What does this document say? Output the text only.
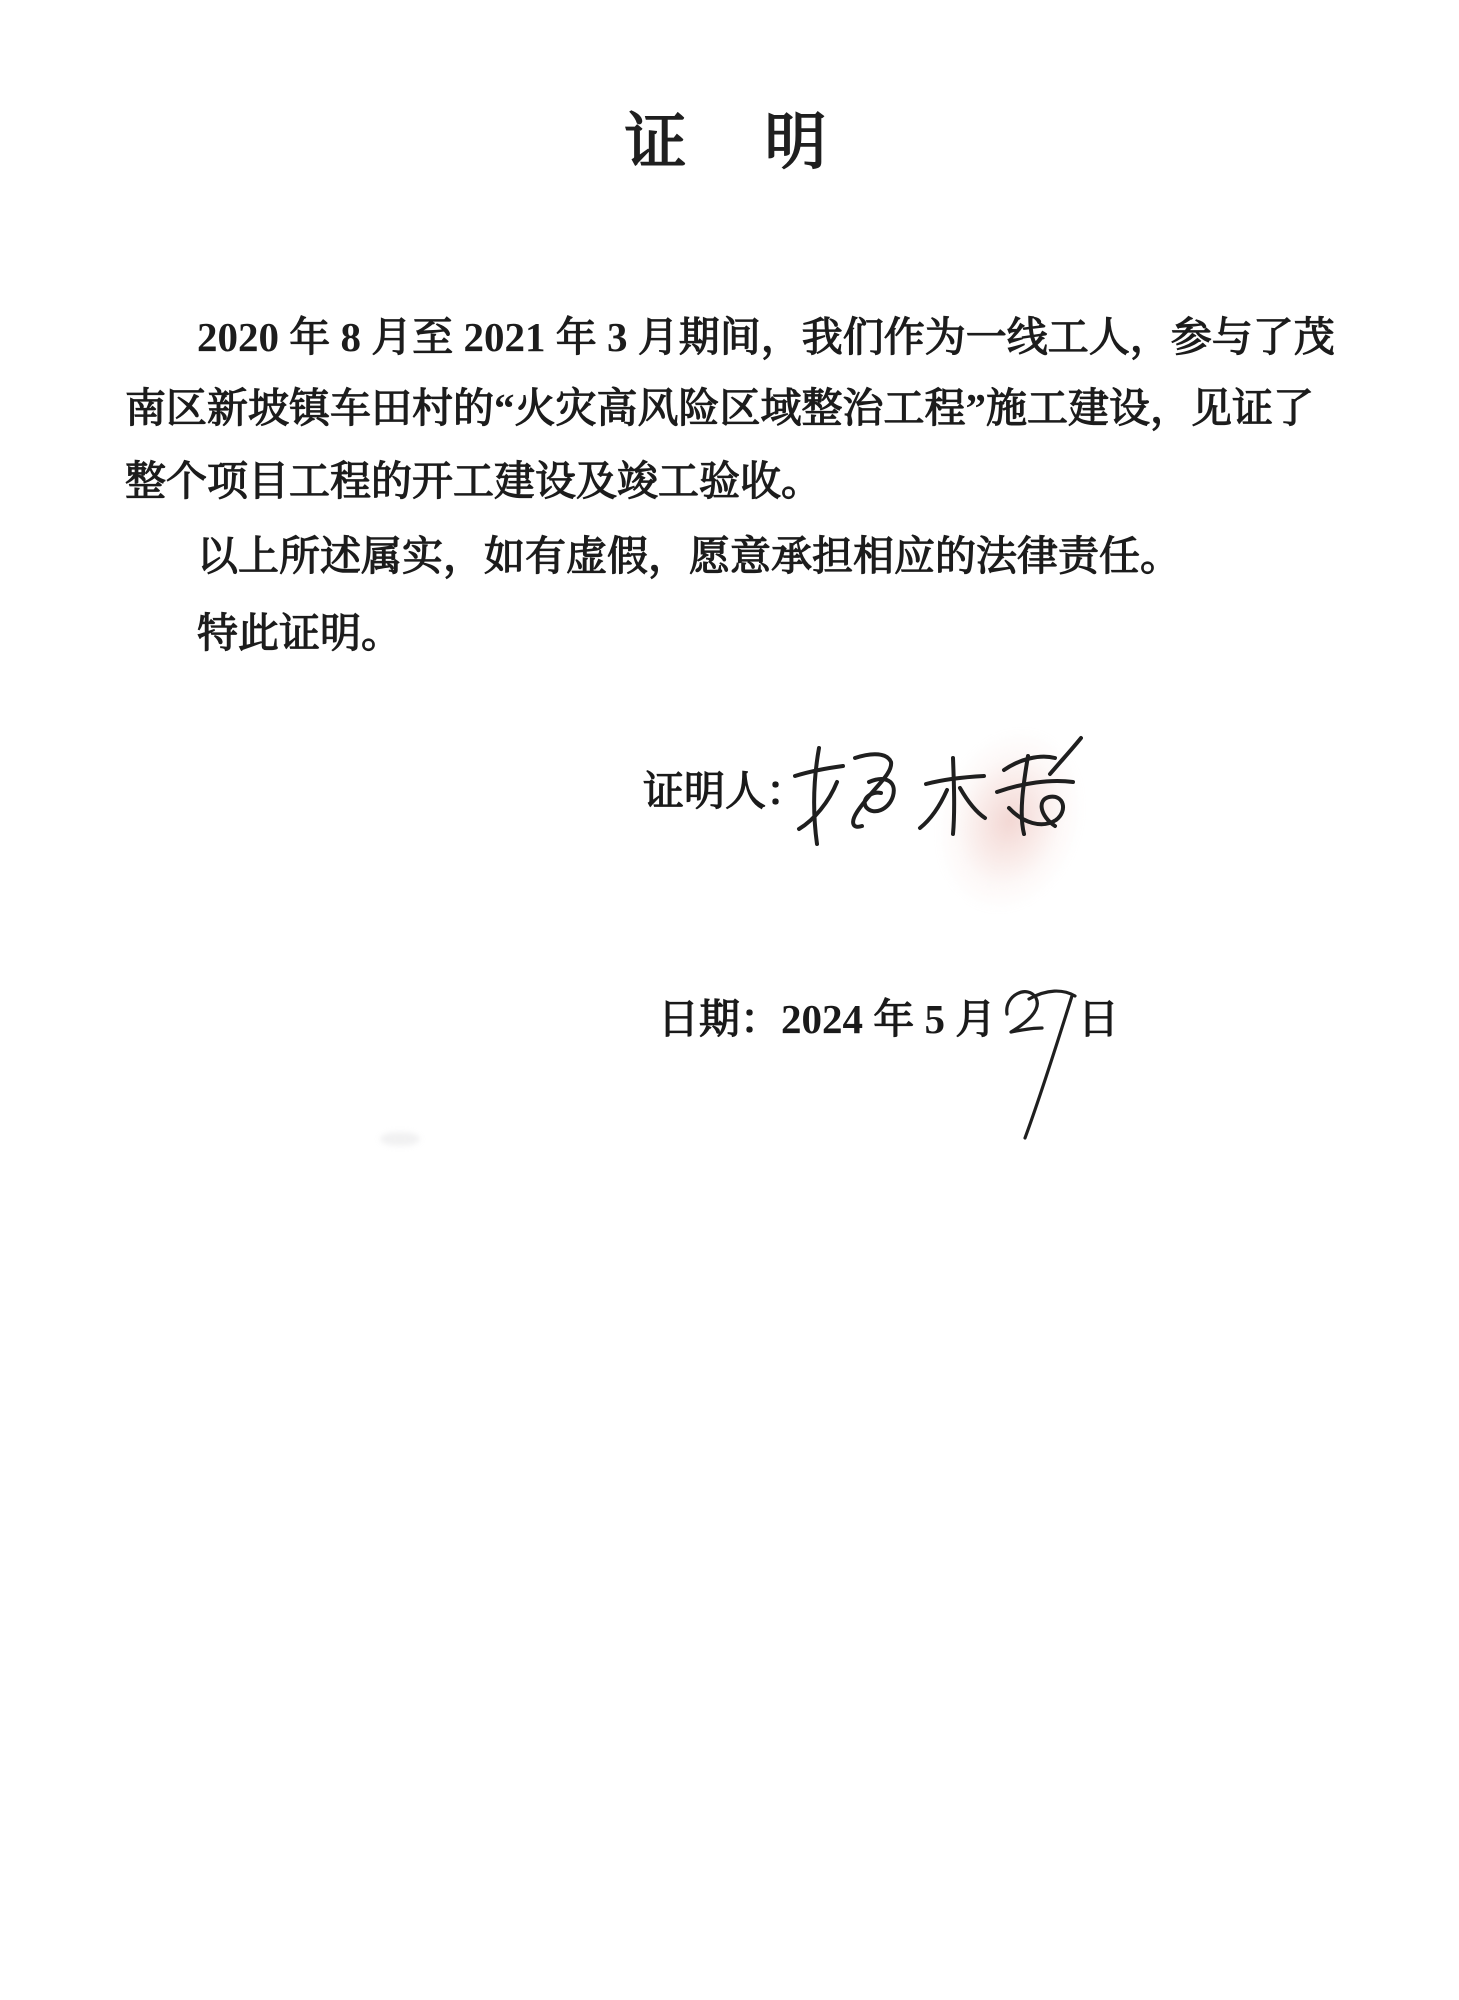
证　明
2020 年 8 月至 2021 年 3 月期间，我们作为一线工人，参与了茂
南区新坡镇车田村的“火灾高风险区域整治工程”施工建设，见证了
整个项目工程的开工建设及竣工验收。
以上所述属实，如有虚假，愿意承担相应的法律责任。
特此证明。
证明人：
日期：2024 年 5 月 日
